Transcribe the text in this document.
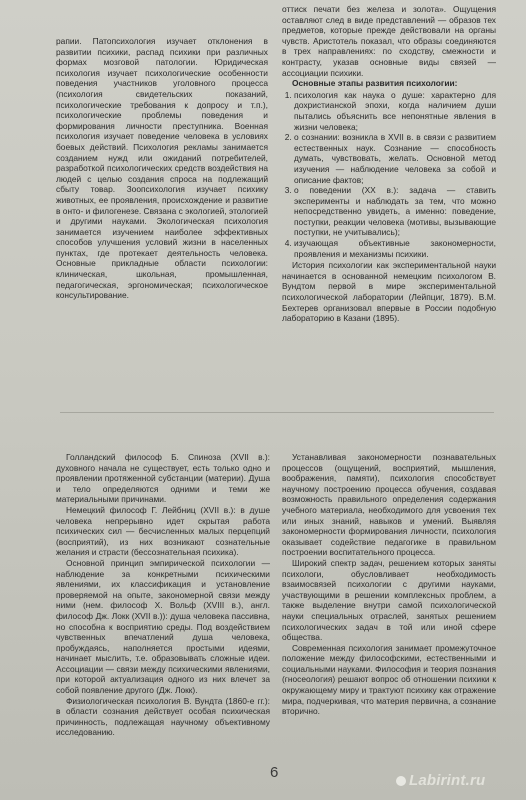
рапии. Патопсихология изучает отклонения в развитии психики, распад психики при различных формах мозговой патологии. Юридическая психология изучает психологические особенности поведения участников уголовного процесса (психология свидетельских показаний, психологические требования к допросу и т.п.), психологические проблемы поведения и формирования личности преступника. Военная психология изучает поведение человека в условиях боевых действий. Психология рекламы занимается созданием нужд или ожиданий потребителей, разработкой психологических средств воздействия на людей с целью создания спроса на подлежащий сбыту товар. Зоопсихология изучает психику животных, ее проявления, происхождение и развитие в онто- и филогенезе. Связана с экологией, этологией и другими науками. Экологическая психология занимается изучением наиболее эффективных способов улучшения условий жизни в населенных пунктах, где протекает деятельность человека. Основные прикладные области психологии: клиническая, школьная, промышленная, педагогическая, эргономическая; психологическое консультирование.

оттиск печати без железа и золота». Ощущения оставляют след в виде представлений — образов тех предметов, которые прежде действовали на органы чувств. Аристотель показал, что образы соединяются в трех направлениях: по сходству, смежности и контрасту, указав основные виды связей — ассоциации психики.

Основные этапы развития психологии:

1. психология как наука о душе: характерно для дохристианской эпохи, когда наличием души пытались объяснить все непонятные явления в жизни человека;
2. о сознании: возникла в XVII в. в связи с развитием естественных наук. Сознание — способность думать, чувствовать, желать. Основной метод изучения — наблюдение человека за собой и описание фактов;
3. о поведении (XX в.): задача — ставить эксперименты и наблюдать за тем, что можно непосредственно увидеть, а именно: поведение, поступки, реакции человека (мотивы, вызывающие поступки, не учитывались);
4. изучающая объективные закономерности, проявления и механизмы психики.

История психологии как экспериментальной науки начинается в основанной немецким психологом В. Вундтом первой в мире экспериментальной психологической лаборатории (Лейпциг, 1879). В.М. Бехтерев организовал впервые в России подобную лабораторию в Казани (1895).

Голландский философ Б. Спиноза (XVII в.): духовного начала не существует, есть только одно и проявлении протяженной субстанции (материи). Душа и тело определяются одними и теми же материальными причинами.

Немецкий философ Г. Лейбниц (XVII в.): в душе человека непрерывно идет скрытая работа психических сил — бесчисленных малых перцепций (восприятий), из них возникают сознательные желания и страсти (бессознательная психика).

Основной принцип эмпирической психологии — наблюдение за конкретными психическими явлениями, их классификация и установление проверяемой на опыте, закономерной связи между ними (нем. философ Х. Вольф (XVIII в.), англ. философ Дж. Локк (XVII в.)): душа человека пассивна, но способна к восприятию среды. Под воздействием чувственных впечатлений душа человека, пробуждаясь, наполняется простыми идеями, начинает мыслить, т.е. образовывать сложные идеи. Ассоциации — связи между психическими явлениями, при которой актуализация одного из них влечет за собой появление другого (Дж. Локк).

Физиологическая психология В. Вундта (1860-е гг.): в области сознания действует особая психическая причинность, подлежащая научному объективному исследованию.

Устанавливая закономерности познавательных процессов (ощущений, восприятий, мышления, воображения, памяти), психология способствует научному построению процесса обучения, создавая возможность правильного определения содержания учебного материала, необходимого для усвоения тех или иных знаний, навыков и умений. Выявляя закономерности формирования личности, психология оказывает содействие педагогике в правильном построении воспитательного процесса.

Широкий спектр задач, решением которых заняты психологи, обусловливает необходимость взаимосвязей психологии с другими науками, участвующими в решении комплексных проблем, а также выделение внутри самой психологической науки специальных отраслей, занятых решением психологических задач в той или иной сфере общества.

Современная психология занимает промежуточное положение между философскими, естественными и социальными науками. Философия и теория познания (гносеология) решают вопрос об отношении психики к окружающему миру и трактуют психику как отражение мира, подчеркивая, что материя первична, а сознание вторично.

6	Labirint.ru
